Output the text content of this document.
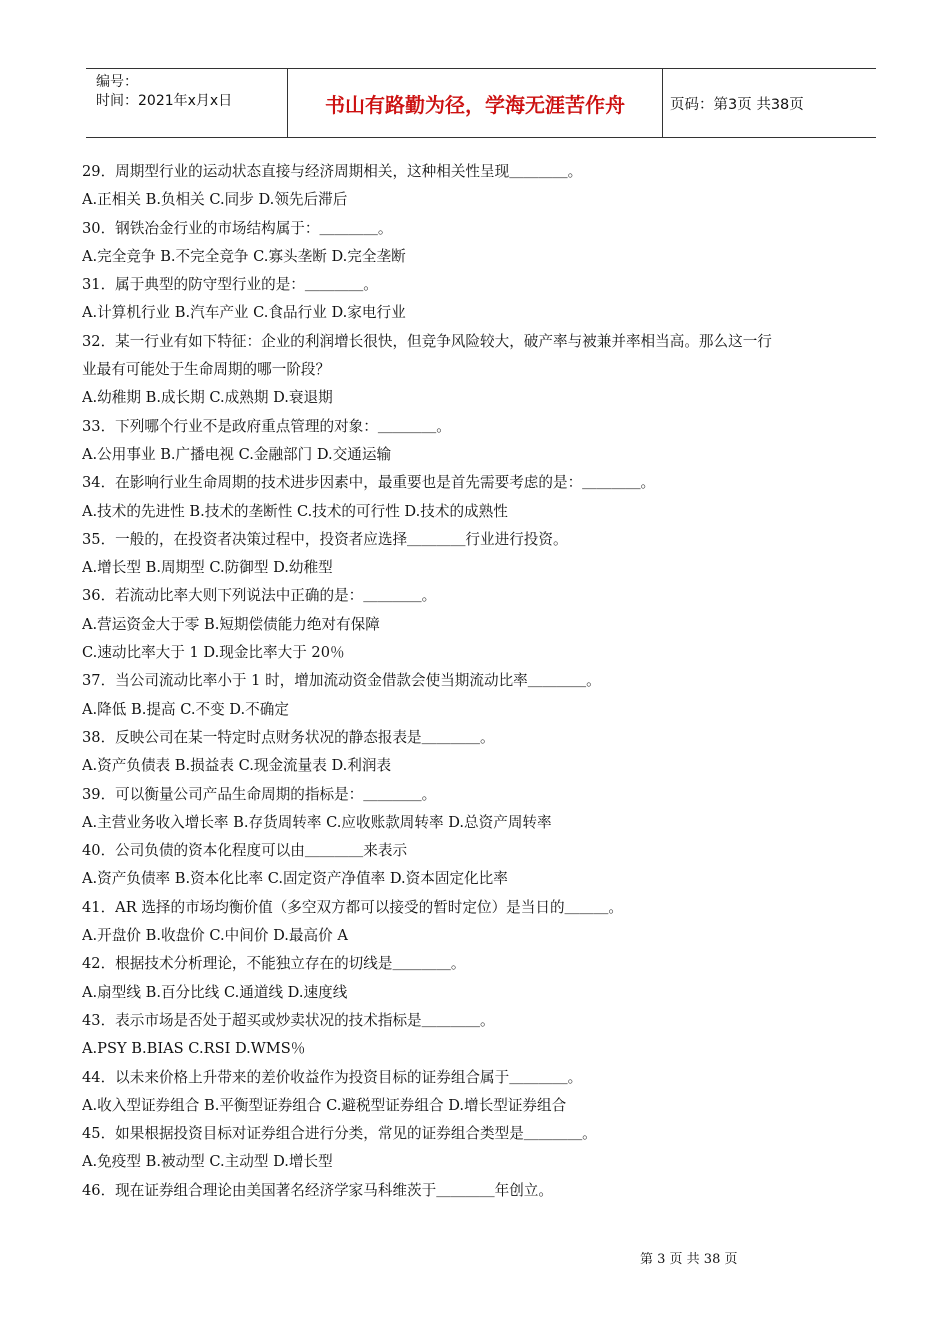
编号：
时间：2021年x月x日	书山有路勤为径，学海无涯苦作舟	页码：第3页 共38页
29．周期型行业的运动状态直接与经济周期相关，这种相关性呈现＿＿＿＿。
A.正相关 B.负相关 C.同步 D.领先后滞后
30．钢铁冶金行业的市场结构属于：＿＿＿＿。
A.完全竞争 B.不完全竞争 C.寡头垄断 D.完全垄断
31．属于典型的防守型行业的是：＿＿＿＿。
A.计算机行业 B.汽车产业 C.食品行业 D.家电行业
32．某一行业有如下特征：企业的利润增长很快，但竞争风险较大，破产率与被兼并率相当高。那么这一行
业最有可能处于生命周期的哪一阶段？
A.幼稚期 B.成长期 C.成熟期 D.衰退期
33．下列哪个行业不是政府重点管理的对象：＿＿＿＿。
A.公用事业 B.广播电视 C.金融部门 D.交通运输
34．在影响行业生命周期的技术进步因素中，最重要也是首先需要考虑的是：＿＿＿＿。
A.技术的先进性 B.技术的垄断性 C.技术的可行性 D.技术的成熟性
35．一般的，在投资者决策过程中，投资者应选择＿＿＿＿行业进行投资。
A.增长型 B.周期型 C.防御型 D.幼稚型
36．若流动比率大则下列说法中正确的是：＿＿＿＿。
A.营运资金大于零 B.短期偿债能力绝对有保障
C.速动比率大于 1 D.现金比率大于 20％
37．当公司流动比率小于 1 时，增加流动资金借款会使当期流动比率＿＿＿＿。
A.降低 B.提高 C.不变 D.不确定
38．反映公司在某一特定时点财务状况的静态报表是＿＿＿＿。
A.资产负债表 B.损益表 C.现金流量表 D.利润表
39．可以衡量公司产品生命周期的指标是：＿＿＿＿。
A.主营业务收入增长率 B.存货周转率 C.应收账款周转率 D.总资产周转率
40．公司负债的资本化程度可以由＿＿＿＿来表示
A.资产负债率 B.资本化比率 C.固定资产净值率 D.资本固定化比率
41．AR 选择的市场均衡价值（多空双方都可以接受的暂时定位）是当日的＿＿＿。
A.开盘价 B.收盘价 C.中间价 D.最高价 A
42．根据技术分析理论，不能独立存在的切线是＿＿＿＿。
A.扇型线 B.百分比线 C.通道线 D.速度线
43．表示市场是否处于超买或炒卖状况的技术指标是＿＿＿＿。
A.PSY B.BIAS C.RSI D.WMS％
44．以未来价格上升带来的差价收益作为投资目标的证券组合属于＿＿＿＿。
A.收入型证券组合 B.平衡型证券组合 C.避税型证券组合 D.增长型证券组合
45．如果根据投资目标对证券组合进行分类，常见的证券组合类型是＿＿＿＿。
A.免疫型 B.被动型 C.主动型 D.增长型
46．现在证券组合理论由美国著名经济学家马科维茨于＿＿＿＿年创立。
第 3 页 共 38 页
